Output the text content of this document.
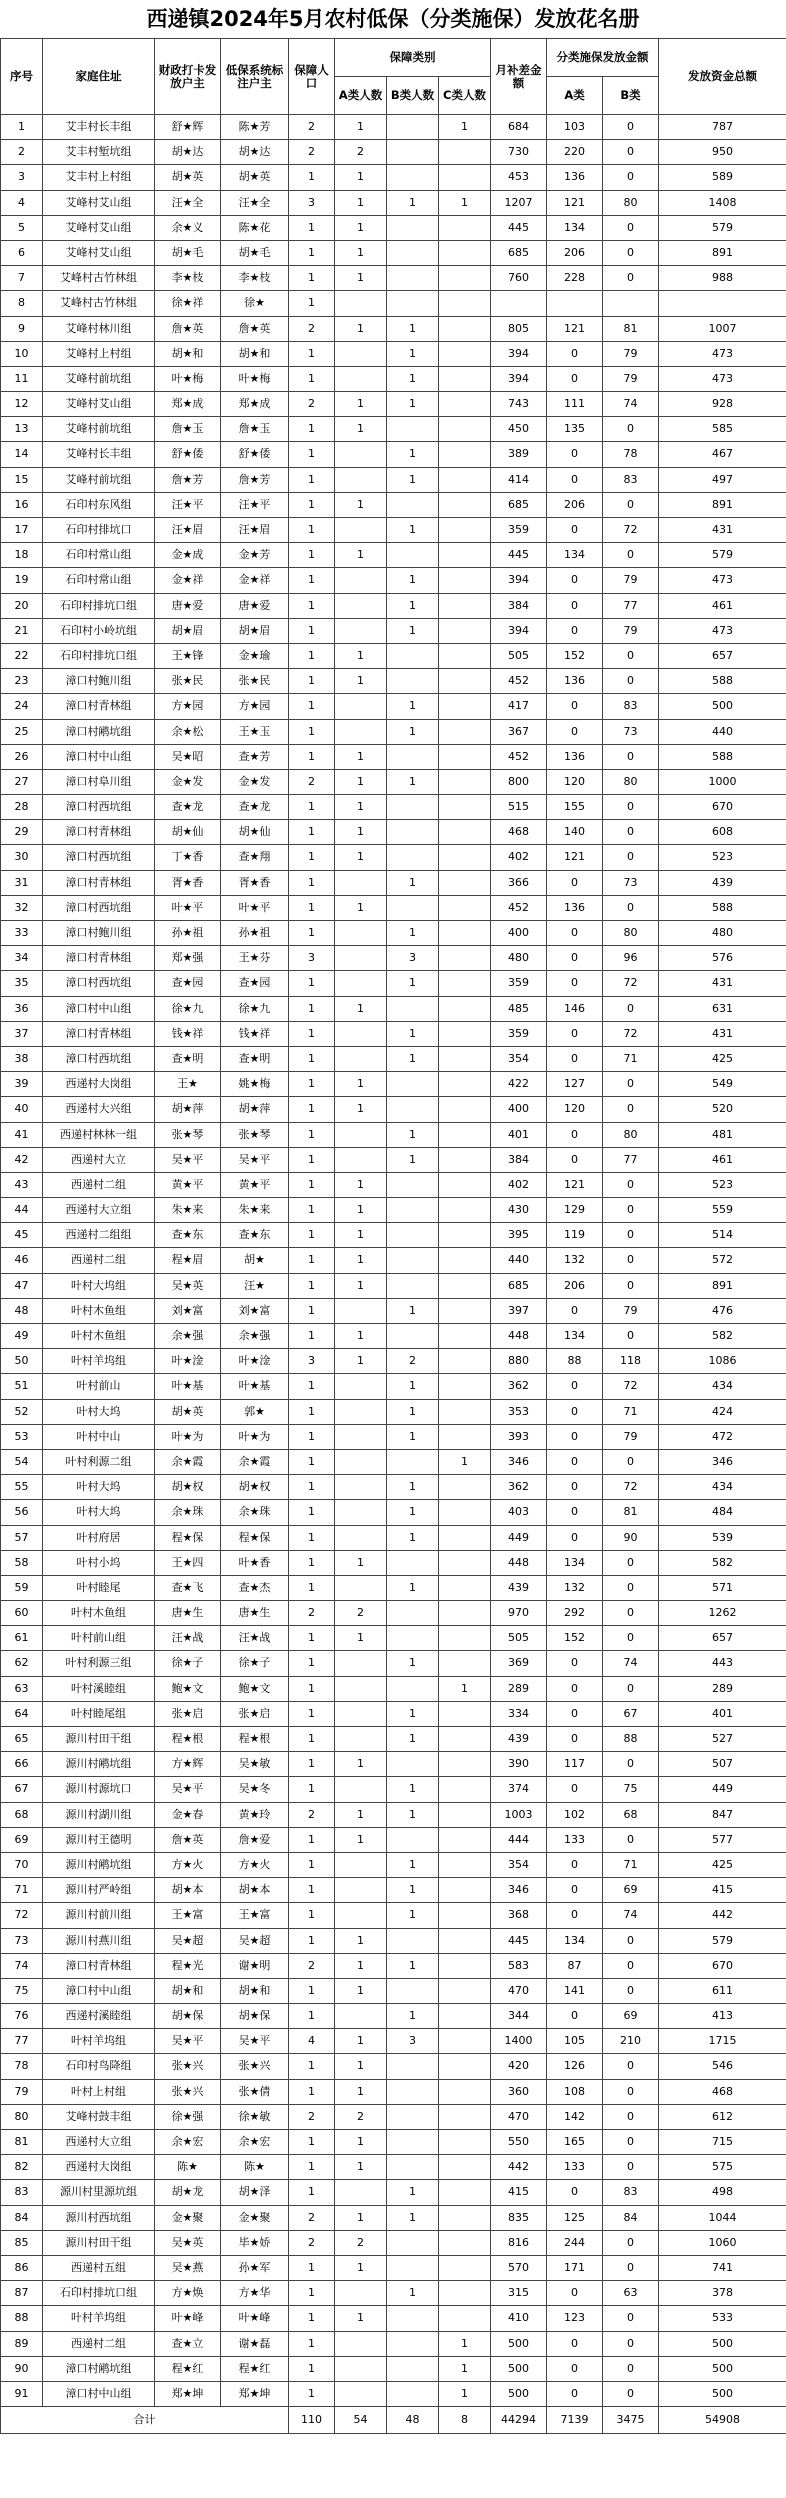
西递镇2024年5月农村低保（分类施保）发放花名册
序号	家庭住址	财政打卡发放户主	低保系统标注户主	保障人口	保障类别			月补差金额	分类施保发放金额		发放资金总额
					A类人数	B类人数	C类人数		A类	B类	
1	艾丰村长丰组	舒★辉	陈★芳	2	1		1	684	103	0	787
2	艾丰村堑坑组	胡★达	胡★达	2	2			730	220	0	950
3	艾丰村上村组	胡★英	胡★英	1	1			453	136	0	589
4	艾峰村艾山组	汪★全	汪★全	3	1	1	1	1207	121	80	1408
5	艾峰村艾山组	余★义	陈★花	1	1			445	134	0	579
6	艾峰村艾山组	胡★毛	胡★毛	1	1			685	206	0	891
7	艾峰村古竹林组	李★枝	李★枝	1	1			760	228	0	988
8	艾峰村古竹林组	徐★祥	徐★	1							
9	艾峰村林川组	詹★英	詹★英	2	1	1		805	121	81	1007
10	艾峰村上村组	胡★和	胡★和	1		1		394	0	79	473
11	艾峰村前坑组	叶★梅	叶★梅	1		1		394	0	79	473
12	艾峰村艾山组	郑★成	郑★成	2	1	1		743	111	74	928
13	艾峰村前坑组	詹★玉	詹★玉	1	1			450	135	0	585
14	艾峰村长丰组	舒★倭	舒★倭	1		1		389	0	78	467
15	艾峰村前坑组	詹★芳	詹★芳	1		1		414	0	83	497
16	石印村东风组	汪★平	汪★平	1	1			685	206	0	891
17	石印村排坑口	汪★眉	汪★眉	1		1		359	0	72	431
18	石印村常山组	金★成	金★芳	1	1			445	134	0	579
19	石印村常山组	金★祥	金★祥	1		1		394	0	79	473
20	石印村排坑口组	唐★爱	唐★爱	1		1		384	0	77	461
21	石印村小岭坑组	胡★眉	胡★眉	1		1		394	0	79	473
22	石印村排坑口组	王★锋	金★瑜	1	1			505	152	0	657
23	漳口村鲍川组	张★民	张★民	1	1			452	136	0	588
24	漳口村青林组	方★园	方★园	1		1		417	0	83	500
25	漳口村鹇坑组	余★松	王★玉	1		1		367	0	73	440
26	漳口村中山组	吴★昭	查★芳	1	1			452	136	0	588
27	漳口村阜川组	金★发	金★发	2	1	1		800	120	80	1000
28	漳口村西坑组	查★龙	查★龙	1	1			515	155	0	670
29	漳口村青林组	胡★仙	胡★仙	1	1			468	140	0	608
30	漳口村西坑组	丁★香	查★翔	1	1			402	121	0	523
31	漳口村青林组	胥★香	胥★香	1		1		366	0	73	439
32	漳口村西坑组	叶★平	叶★平	1	1			452	136	0	588
33	漳口村鲍川组	孙★祖	孙★祖	1		1		400	0	80	480
34	漳口村青林组	郑★强	王★芬	3		3		480	0	96	576
35	漳口村西坑组	查★园	查★园	1		1		359	0	72	431
36	漳口村中山组	徐★九	徐★九	1	1			485	146	0	631
37	漳口村青林组	钱★祥	钱★祥	1		1		359	0	72	431
38	漳口村西坑组	查★明	查★明	1		1		354	0	71	425
39	西递村大岗组	王★	姚★梅	1	1			422	127	0	549
40	西递村大兴组	胡★萍	胡★萍	1	1			400	120	0	520
41	西递村林林一组	张★琴	张★琴	1		1		401	0	80	481
42	西递村大立	吴★平	吴★平	1		1		384	0	77	461
43	西递村二组	黄★平	黄★平	1	1			402	121	0	523
44	西递村大立组	朱★来	朱★来	1	1			430	129	0	559
45	西递村二组组	查★东	查★东	1	1			395	119	0	514
46	西递村二组	程★眉	胡★	1	1			440	132	0	572
47	叶村大坞组	吴★英	汪★	1	1			685	206	0	891
48	叶村木鱼组	刘★富	刘★富	1		1		397	0	79	476
49	叶村木鱼组	余★强	余★强	1	1			448	134	0	582
50	叶村羊坞组	叶★淦	叶★淦	3	1	2		880	88	118	1086
51	叶村前山	叶★基	叶★基	1		1		362	0	72	434
52	叶村大坞	胡★英	郭★	1		1		353	0	71	424
53	叶村中山	叶★为	叶★为	1		1		393	0	79	472
54	叶村利源二组	余★霞	余★霞	1			1	346	0	0	346
55	叶村大坞	胡★权	胡★权	1		1		362	0	72	434
56	叶村大坞	余★珠	余★珠	1		1		403	0	81	484
57	叶村府居	程★保	程★保	1		1		449	0	90	539
58	叶村小坞	王★四	叶★香	1	1			448	134	0	582
59	叶村睦尾	查★飞	查★杰	1		1		439	132	0	571
60	叶村木鱼组	唐★生	唐★生	2	2			970	292	0	1262
61	叶村前山组	汪★战	汪★战	1	1			505	152	0	657
62	叶村利源三组	徐★子	徐★子	1		1		369	0	74	443
63	叶村溪睦组	鲍★文	鲍★文	1			1	289	0	0	289
64	叶村睦尾组	张★启	张★启	1		1		334	0	67	401
65	源川村田干组	程★根	程★根	1		1		439	0	88	527
66	源川村鹇坑组	方★辉	吴★敏	1	1			390	117	0	507
67	源川村源坑口	吴★平	吴★冬	1		1		374	0	75	449
68	源川村湖川组	金★春	黄★玲	2	1	1		1003	102	68	847
69	源川村王德明	詹★英	詹★爱	1	1			444	133	0	577
70	源川村鹇坑组	方★火	方★火	1		1		354	0	71	425
71	源川村严岭组	胡★本	胡★本	1		1		346	0	69	415
72	源川村前川组	王★富	王★富	1		1		368	0	74	442
73	源川村燕川组	吴★超	吴★超	1	1			445	134	0	579
74	漳口村青林组	程★光	谢★明	2	1	1		583	87	0	670
75	漳口村中山组	胡★和	胡★和	1	1			470	141	0	611
76	西递村溪睦组	胡★保	胡★保	1		1		344	0	69	413
77	叶村羊坞组	吴★平	吴★平	4	1	3		1400	105	210	1715
78	石印村鸟降组	张★兴	张★兴	1	1			420	126	0	546
79	叶村上村组	张★兴	张★倩	1	1			360	108	0	468
80	艾峰村鼓丰组	徐★强	徐★敏	2	2			470	142	0	612
81	西递村大立组	余★宏	余★宏	1	1			550	165	0	715
82	西递村大岗组	陈★	陈★	1	1			442	133	0	575
83	源川村里源坑组	胡★龙	胡★泽	1		1		415	0	83	498
84	源川村西坑组	金★聚	金★聚	2	1	1		835	125	84	1044
85	源川村田干组	吴★英	毕★娇	2	2			816	244	0	1060
86	西递村五组	吴★燕	孙★军	1	1			570	171	0	741
87	石印村排坑口组	方★焕	方★华	1		1		315	0	63	378
88	叶村羊坞组	叶★峰	叶★峰	1	1			410	123	0	533
89	西递村二组	查★立	谢★磊	1			1	500	0	0	500
90	漳口村鹇坑组	程★红	程★红	1			1	500	0	0	500
91	漳口村中山组	郑★坤	郑★坤	1			1	500	0	0	500
合计				110	54	48	8	44294	7139	3475	54908
